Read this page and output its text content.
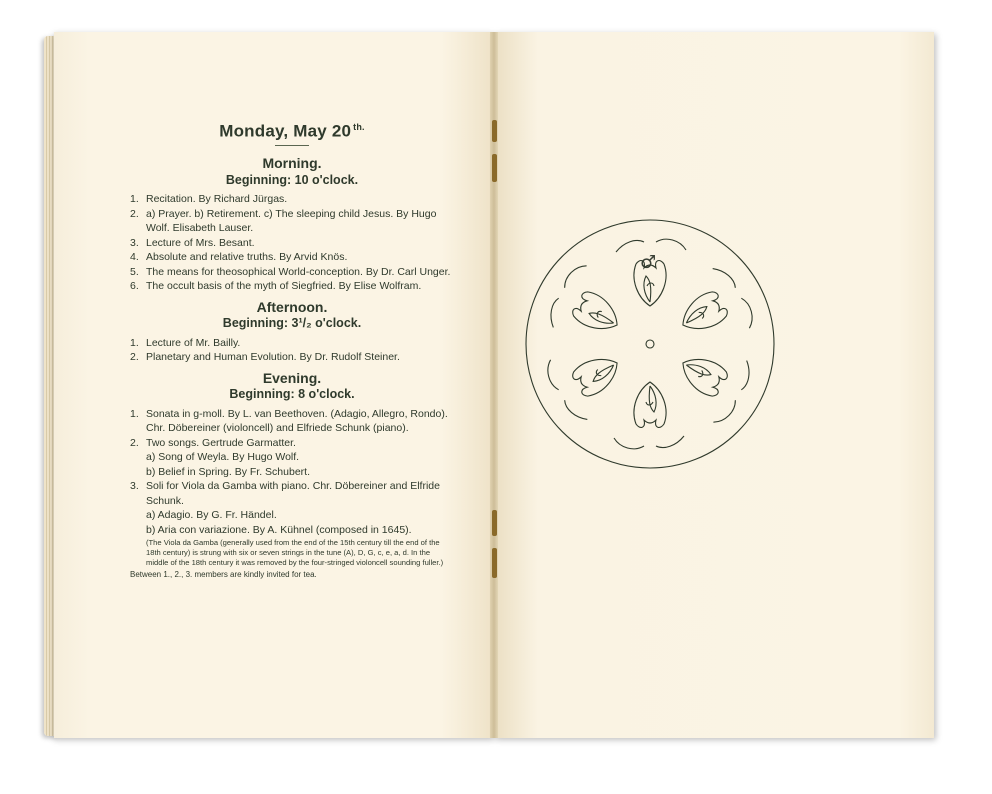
Monday, May 20 $^{th.}$
Morning.
Beginning: 10 o'clock.
1. Recitation. By Richard Jürgas.
2. a) Prayer. b) Retirement. c) The sleeping child Jesus. By Hugo Wolf. Elisabeth Lauser.
3. Lecture of Mrs. Besant.
4. Absolute and relative truths. By Arvid Knös.
5. The means for theosophical World-conception. By Dr. Carl Unger.
6. The occult basis of the myth of Siegfried. By Elise Wolfram.
Afternoon.
Beginning: 3¹/₂ o'clock.
1. Lecture of Mr. Bailly.
2. Planetary and Human Evolution. By Dr. Rudolf Steiner.
Evening.
Beginning: 8 o'clock.
1. Sonata in g-moll. By L. van Beethoven. (Adagio, Allegro, Rondo). Chr. Döbereiner (violoncell) and Elfriede Schunk (piano).
2. Two songs. Gertrude Garmatter.
a) Song of Weyla. By Hugo Wolf.
b) Belief in Spring. By Fr. Schubert.
3. Soli for Viola da Gamba with piano. Chr. Döbereiner and Elfride Schunk.
a) Adagio. By G. Fr. Händel.
b) Aria con variazione. By A. Kühnel (composed in 1645).
(The Viola da Gamba (generally used from the end of the 15th century till the end of the 18th century) is strung with six or seven strings in the tune (A), D, G, c, e, a, d. In the middle of the 18th century it was removed by the four-stringed violoncell sounding fuller.)
Between 1., 2., 3. members are kindly invited for tea.
♂
